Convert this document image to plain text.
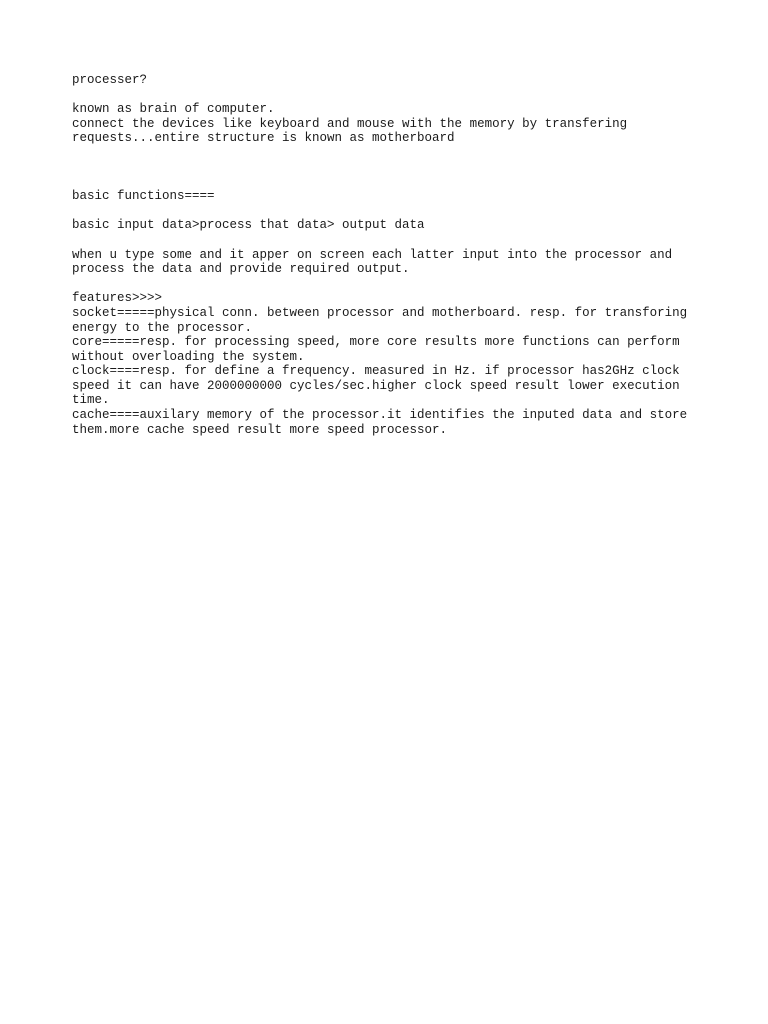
processer?
known as brain of computer.
connect the devices like keyboard and mouse with the memory by transfering
requests...entire structure is known as motherboard
basic functions====
basic input data>process that data> output data
when u type some and it apper on screen each latter input into the processor and
process the data and provide required output.
features>>>>
socket=====physical conn. between processor and motherboard. resp. for transforing
energy to the processor.
core=====resp. for processing speed, more core results more functions can perform
without overloading the system.
clock====resp. for define a frequency. measured in Hz. if processor has2GHz clock
speed it can have 2000000000 cycles/sec.higher clock speed result lower execution
time.
cache====auxilary memory of the processor.it identifies the inputed data and store
them.more cache speed result more speed processor.
